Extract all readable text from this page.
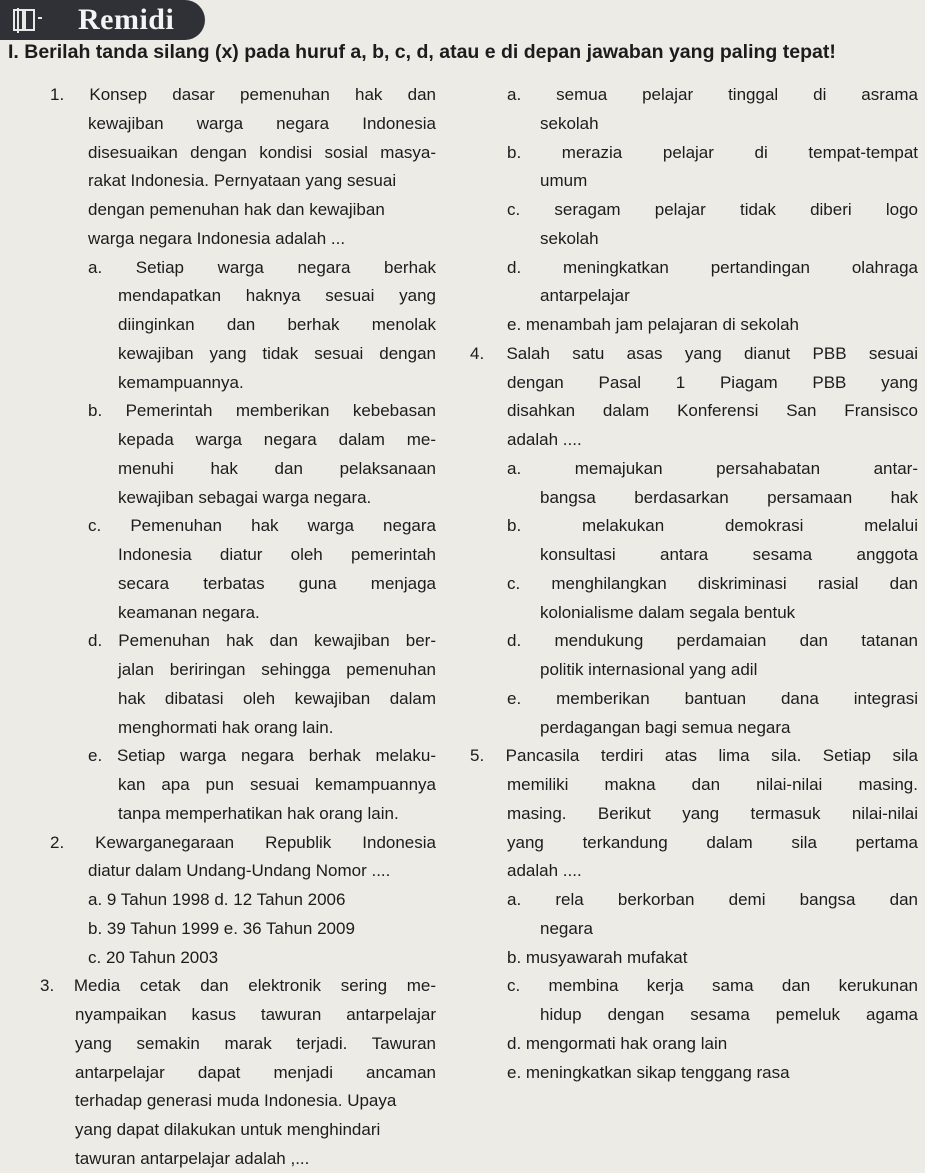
Remidi
I. Berilah tanda silang (x) pada huruf a, b, c, d, atau e di depan jawaban yang paling tepat!
1. Konsep dasar pemenuhan hak dan
kewajiban warga negara Indonesia
disesuaikan dengan kondisi sosial masya-
rakat Indonesia. Pernyataan yang sesuai
dengan pemenuhan hak dan kewajiban
warga negara Indonesia adalah ...
a. Setiap warga negara berhak
mendapatkan haknya sesuai yang
diinginkan dan berhak menolak
kewajiban yang tidak sesuai dengan
kemampuannya.
b. Pemerintah memberikan kebebasan
kepada warga negara dalam me-
menuhi hak dan pelaksanaan
kewajiban sebagai warga negara.
c. Pemenuhan hak warga negara
Indonesia diatur oleh pemerintah
secara terbatas guna menjaga
keamanan negara.
d. Pemenuhan hak dan kewajiban ber-
jalan beriringan sehingga pemenuhan
hak dibatasi oleh kewajiban dalam
menghormati hak orang lain.
e. Setiap warga negara berhak melaku-
kan apa pun sesuai kemampuannya
tanpa memperhatikan hak orang lain.
2. Kewarganegaraan Republik Indonesia
diatur dalam Undang-Undang Nomor ....
a. 9 Tahun 1998 d. 12 Tahun 2006
b. 39 Tahun 1999 e. 36 Tahun 2009
c. 20 Tahun 2003
3. Media cetak dan elektronik sering me-
nyampaikan kasus tawuran antarpelajar
yang semakin marak terjadi. Tawuran
antarpelajar dapat menjadi ancaman
terhadap generasi muda Indonesia. Upaya
yang dapat dilakukan untuk menghindari
tawuran antarpelajar adalah ,...
a. semua pelajar tinggal di asrama
sekolah
b. merazia pelajar di tempat-tempat
umum
c. seragam pelajar tidak diberi logo
sekolah
d. meningkatkan pertandingan olahraga
antarpelajar
e. menambah jam pelajaran di sekolah
4. Salah satu asas yang dianut PBB sesuai
dengan Pasal 1 Piagam PBB yang
disahkan dalam Konferensi San Fransisco
adalah ....
a. memajukan persahabatan antar-
bangsa berdasarkan persamaan hak
b. melakukan demokrasi melalui
konsultasi antara sesama anggota
c. menghilangkan diskriminasi rasial dan
kolonialisme dalam segala bentuk
d. mendukung perdamaian dan tatanan
politik internasional yang adil
e. memberikan bantuan dana integrasi
perdagangan bagi semua negara
5. Pancasila terdiri atas lima sila. Setiap sila
memiliki makna dan nilai-nilai masing.
masing. Berikut yang termasuk nilai-nilai
yang terkandung dalam sila pertama
adalah ....
a. rela berkorban demi bangsa dan
negara
b. musyawarah mufakat
c. membina kerja sama dan kerukunan
hidup dengan sesama pemeluk agama
d. mengormati hak orang lain
e. meningkatkan sikap tenggang rasa
